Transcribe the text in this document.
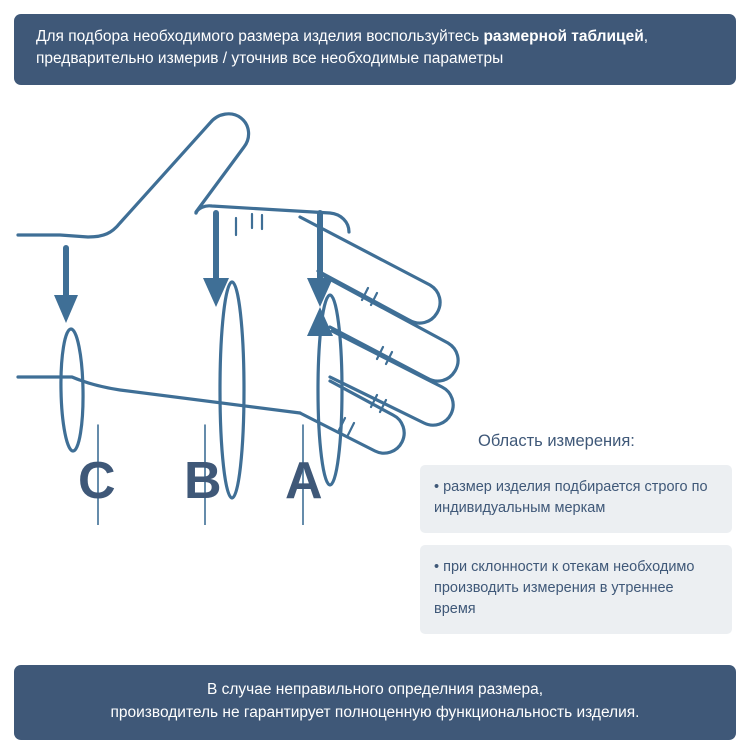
Для подбора необходимого размера изделия воспользуйтесь размерной таблицей, предварительно измерив / уточнив все необходимые параметры
C B A
Область измерения:
• размер изделия подбирается строго по индивидуальным меркам
• при склонности к отекам необходимо производить измерения в утреннее время
В случае неправильного определния размера,
производитель не гарантирует полноценную функциональность изделия.
